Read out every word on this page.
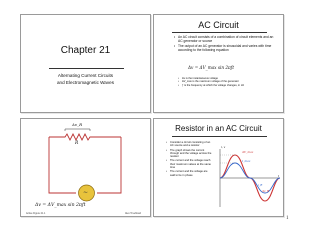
Chapter 21
Alternating Current Circuits
and Electromagnetic Waves
AC Circuit
• An AC circuit consists of a combination of circuit elements and an AC generator or source
• The output of an AC generator is sinusoidal and varies with time according to the following equation
Δv = ΔV_max sin 2πƒt
• Δv is the instantaneous voltage
• ΔV_max is the maximum voltage of the generator
• ƒ is the frequency at which the voltage changes, in Hz
Δv_R
R
∼
Δv = ΔV_max sin 2πƒt
Active Figure 21.1	Alex Trueblood
Resistor in an AC Circuit
• Consider a circuit consisting of an AC source and a resistor
• The graph shows the current through and the voltage across the resistor
• The current and the voltage reach their maximum values at the same time
• The current and the voltage are said to be in phase
i, v
ΔV_max
I_max
Δv_R
i_R
t
1
